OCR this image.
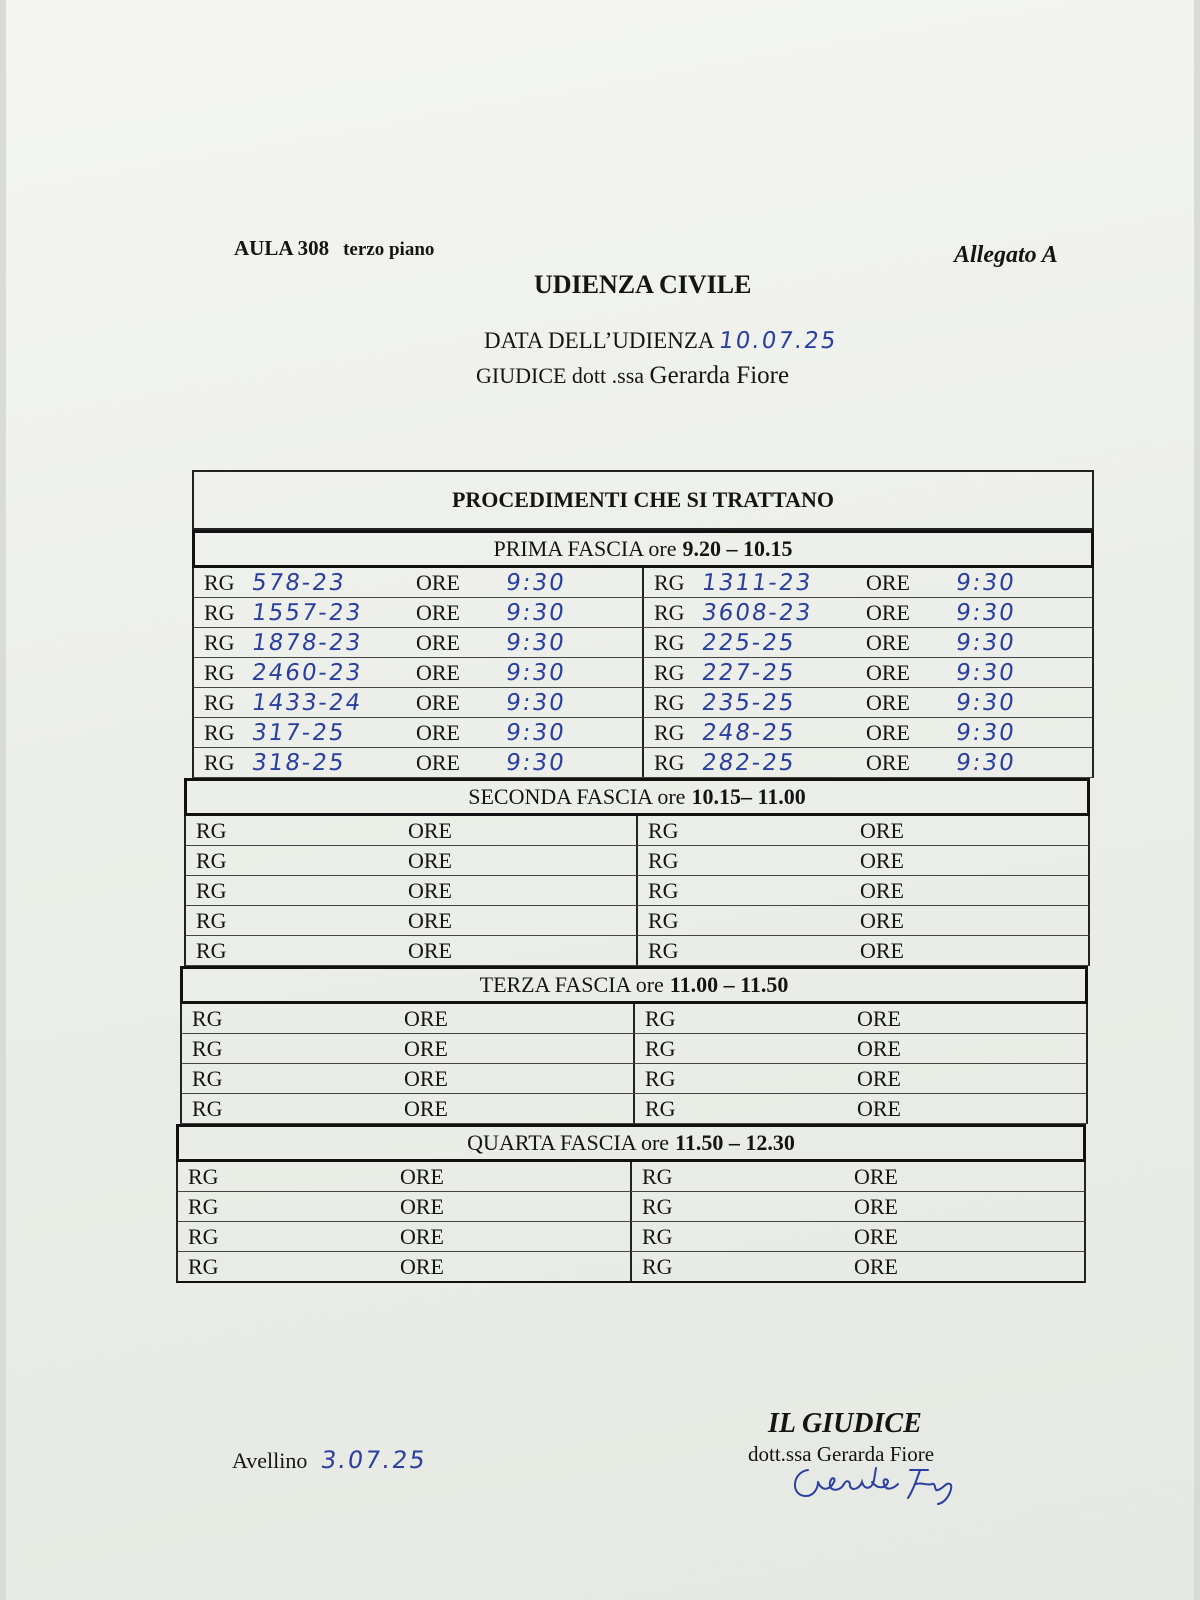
AULA 308 terzo piano	Allegato A
UDIENZA CIVILE
DATA DELL’UDIENZA 10.07.25
GIUDICE dott .ssa Gerarda Fiore
PROCEDIMENTI CHE SI TRATTANO
PRIMA FASCIA ore 9.20 – 10.15
RG 578-23	ORE 9:30	RG 1311-23 ORE 9:30
RG 1557-23 ORE 9:30	RG 3608-23 ORE 9:30
RG 1878-23 ORE 9:30	RG 225-25	ORE 9:30
RG 2460-23 ORE 9:30	RG 227-25	ORE 9:30
RG 1433-24 ORE 9:30	RG 235-25	ORE 9:30
RG 317-25	ORE 9:30	RG 248-25	ORE 9:30
RG 318-25	ORE 9:30	RG 282-25	ORE 9:30
SECONDA FASCIA ore 10.15– 11.00
RG	ORE	RG	ORE
RG	ORE	RG	ORE
RG	ORE	RG	ORE
RG	ORE	RG	ORE
RG	ORE	RG	ORE
TERZA FASCIA ore 11.00 – 11.50
RG	ORE	RG	ORE
RG	ORE	RG	ORE
RG	ORE	RG	ORE
RG	ORE	RG	ORE
QUARTA FASCIA ore 11.50 – 12.30
RG	ORE	RG	ORE
RG	ORE	RG	ORE
RG	ORE	RG	ORE
RG	ORE	RG	ORE
Avellino 3.07.25
IL GIUDICE
dott.ssa Gerarda Fiore
